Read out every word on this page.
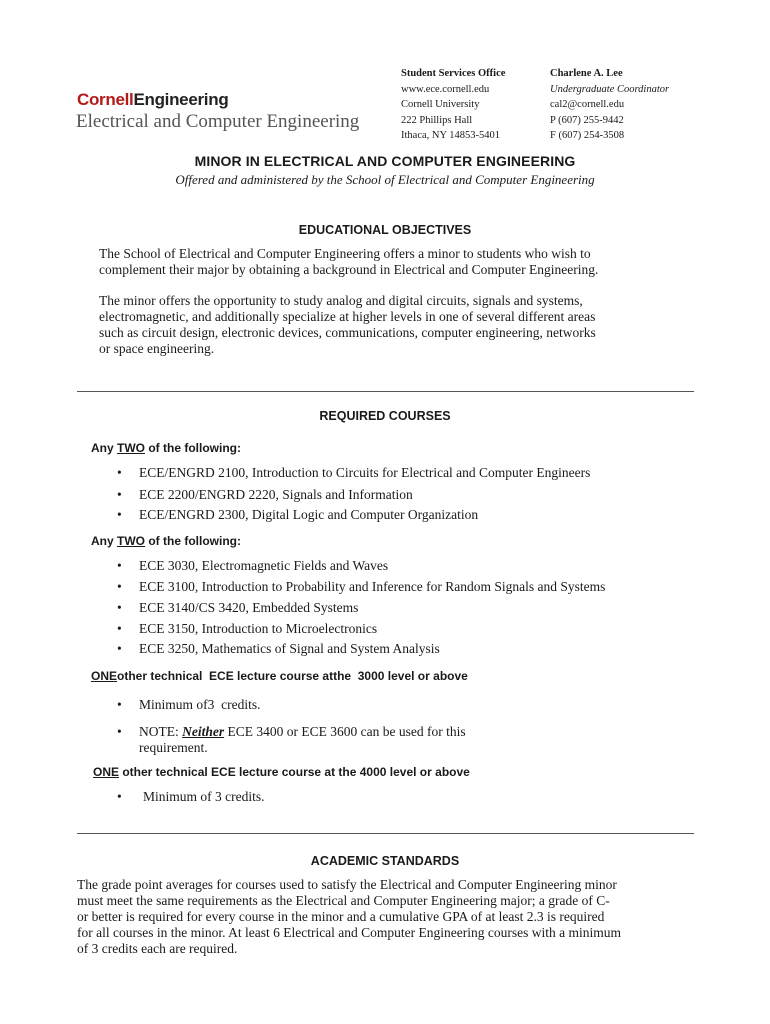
CornellEngineering
Electrical and Computer Engineering
Student Services Office
www.ece.cornell.edu
Cornell University
222 Phillips Hall
Ithaca, NY 14853-5401
Charlene A. Lee
Undergraduate Coordinator
cal2@cornell.edu
P (607) 255-9442
F (607) 254-3508
MINOR IN ELECTRICAL AND COMPUTER ENGINEERING
Offered and administered by the School of Electrical and Computer Engineering
EDUCATIONAL OBJECTIVES
The School of Electrical and Computer Engineering offers a minor to students who wish to
complement their major by obtaining a background in Electrical and Computer Engineering.
The minor offers the opportunity to study analog and digital circuits, signals and systems,
electromagnetic, and additionally specialize at higher levels in one of several different areas
such as circuit design, electronic devices, communications, computer engineering, networks
or space engineering.
REQUIRED COURSES
Any TWO of the following:
• ECE/ENGRD 2100, Introduction to Circuits for Electrical and Computer Engineers
• ECE 2200/ENGRD 2220, Signals and Information
• ECE/ENGRD 2300, Digital Logic and Computer Organization
Any TWO of the following:
• ECE 3030, Electromagnetic Fields and Waves
• ECE 3100, Introduction to Probability and Inference for Random Signals and Systems
• ECE 3140/CS 3420, Embedded Systems
• ECE 3150, Introduction to Microelectronics
• ECE 3250, Mathematics of Signal and System Analysis
ONEother technical  ECE lecture course atthe  3000 level or above
• Minimum of3  credits.
• NOTE: Neither ECE 3400 or ECE 3600 can be used for this
requirement.
ONE other technical ECE lecture course at the 4000 level or above
• Minimum of 3 credits.
ACADEMIC STANDARDS
The grade point averages for courses used to satisfy the Electrical and Computer Engineering minor
must meet the same requirements as the Electrical and Computer Engineering major; a grade of C-
or better is required for every course in the minor and a cumulative GPA of at least 2.3 is required
for all courses in the minor. At least 6 Electrical and Computer Engineering courses with a minimum
of 3 credits each are required.
